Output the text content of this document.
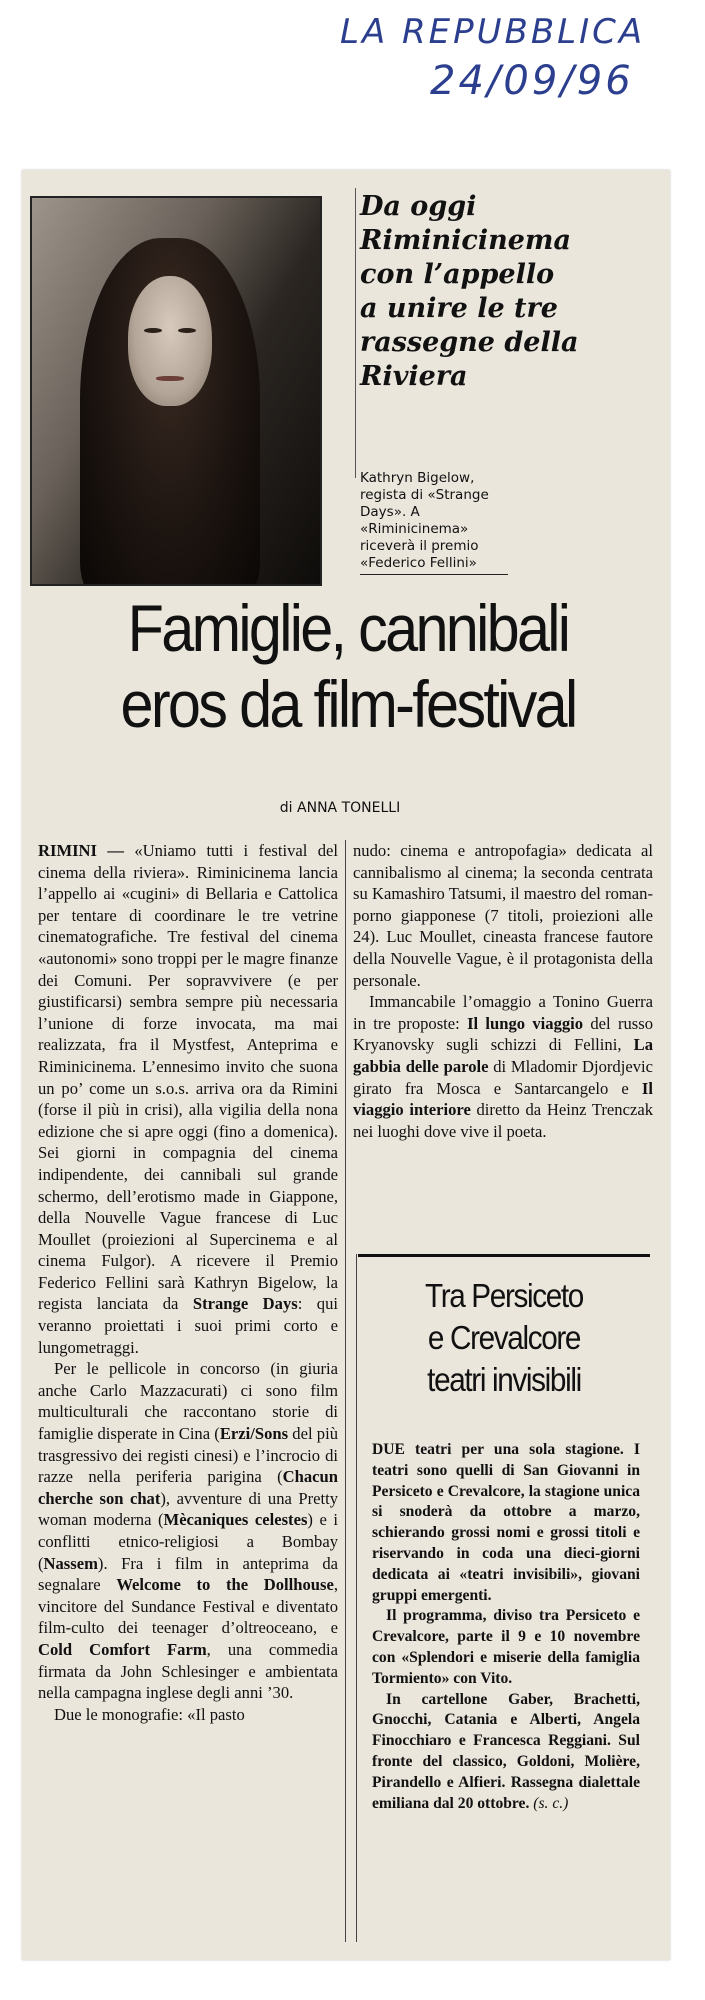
LA REPUBBLICA
24/09/96
Da oggi
Riminicinema
con l’appello
a unire le tre
rassegne della
Riviera
Kathryn Bigelow,
regista di «Strange
Days». A
«Riminicinema»
riceverà il premio
«Federico Fellini»
Famiglie, cannibali
eros da film-festival
di ANNA TONELLI

RIMINI — «Uniamo tutti i festival del cinema della riviera». Riminicinema lancia l’appello ai «cugini» di Bellaria e Cattolica per tentare di coordinare le tre vetrine cinematografiche. Tre festival del cinema «autonomi» sono troppi per le magre finanze dei Comuni. Per sopravvivere (e per giustificarsi) sembra sempre più necessaria l’unione di forze invocata, ma mai realizzata, fra il Mystfest, Anteprima e Riminicinema. L’ennesimo invito che suona un po’ come un s.o.s. arriva ora da Rimini (forse il più in crisi), alla vigilia della nona edizione che si apre oggi (fino a domenica). Sei giorni in compagnia del cinema indipendente, dei cannibali sul grande schermo, dell’erotismo made in Giappone, della Nouvelle Vague francese di Luc Moullet (proiezioni al Supercinema e al cinema Fulgor). A ricevere il Premio Federico Fellini sarà Kathryn Bigelow, la regista lanciata da Strange Days: qui veranno proiettati i suoi primi corto e lungometraggi.

Per le pellicole in concorso (in giuria anche Carlo Mazzacurati) ci sono film multiculturali che raccontano storie di famiglie disperate in Cina (Erzi/Sons del più trasgressivo dei registi cinesi) e l’incrocio di razze nella periferia parigina (Chacun cherche son chat), avventure di una Pretty woman moderna (Mècaniques celestes) e i conflitti etnico-religiosi a Bombay (Nassem). Fra i film in anteprima da segnalare Welcome to the Dollhouse, vincitore del Sundance Festival e diventato film-culto dei teenager d’oltreoceano, e Cold Comfort Farm, una commedia firmata da John Schlesinger e ambientata nella campagna inglese degli anni ’30.

Due le monografie: «Il pasto

nudo: cinema e antropofagia» dedicata al cannibalismo al cinema; la seconda centrata su Kamashiro Tatsumi, il maestro del roman-porno giapponese (7 titoli, proiezioni alle 24). Luc Moullet, cineasta francese fautore della Nouvelle Vague, è il protagonista della personale.

Immancabile l’omaggio a Tonino Guerra in tre proposte: Il lungo viaggio del russo Kryanovsky sugli schizzi di Fellini, La gabbia delle parole di Mladomir Djordjevic girato fra Mosca e Santarcangelo e Il viaggio interiore diretto da Heinz Trenczak nei luoghi dove vive il poeta.

Tra Persiceto
e Crevalcore
teatri invisibili

DUE teatri per una sola stagione. I teatri sono quelli di San Giovanni in Persiceto e Crevalcore, la stagione unica si snoderà da ottobre a marzo, schierando grossi nomi e grossi titoli e riservando in coda una dieci-giorni dedicata ai «teatri invisibili», giovani gruppi emergenti.

Il programma, diviso tra Persiceto e Crevalcore, parte il 9 e 10 novembre con «Splendori e miserie della famiglia Tormiento» con Vito.

In cartellone Gaber, Brachetti, Gnocchi, Catania e Alberti, Angela Finocchiaro e Francesca Reggiani. Sul fronte del classico, Goldoni, Molière, Pirandello e Alfieri. Rassegna dialettale emiliana dal 20 ottobre. (s. c.)
